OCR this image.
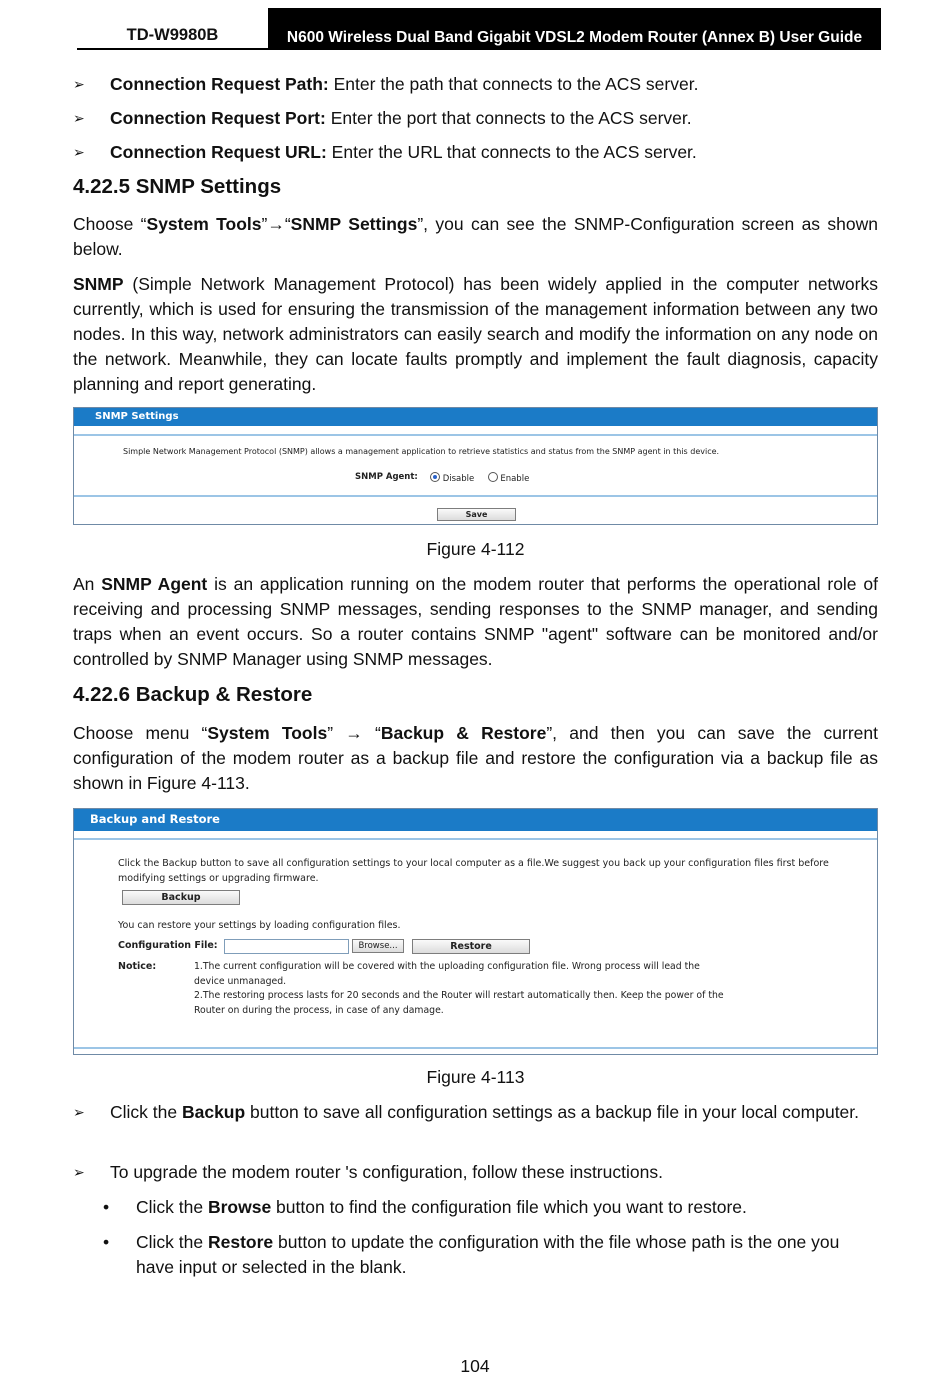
TD-W9980B	N600 Wireless Dual Band Gigabit VDSL2 Modem Router (Annex B) User Guide
➢ Connection Request Path: Enter the path that connects to the ACS server.
➢ Connection Request Port: Enter the port that connects to the ACS server.
➢ Connection Request URL: Enter the URL that connects to the ACS server.
4.22.5 SNMP Settings

Choose “System Tools”→“SNMP Settings”, you can see the SNMP-Configuration screen as shown below.

SNMP (Simple Network Management Protocol) has been widely applied in the computer networks currently, which is used for ensuring the transmission of the management information between any two nodes. In this way, network administrators can easily search and modify the information on any node on the network. Meanwhile, they can locate faults promptly and implement the fault diagnosis, capacity planning and report generating.

SNMP Settings
Simple Network Management Protocol (SNMP) allows a management application to retrieve statistics and status from the SNMP agent in this device.
SNMP Agent:	Disable	Enable
Save
Figure 4-112

An SNMP Agent is an application running on the modem router that performs the operational role of receiving and processing SNMP messages, sending responses to the SNMP manager, and sending traps when an event occurs. So a router contains SNMP "agent" software can be monitored and/or controlled by SNMP Manager using SNMP messages.

4.22.6 Backup & Restore

Choose menu “System Tools” → “Backup & Restore”, and then you can save the current configuration of the modem router as a backup file and restore the configuration via a backup file as shown in Figure 4-113.

Backup and Restore
Click the Backup button to save all configuration settings to your local computer as a file.We suggest you back up your configuration files first before modifying settings or upgrading firmware.
Backup
You can restore your settings by loading configuration files.
Configuration File:	Browse...	Restore
Notice:	1.The current configuration will be covered with the uploading configuration file. Wrong process will lead the device unmanaged.
2.The restoring process lasts for 20 seconds and the Router will restart automatically then. Keep the power of the Router on during the process, in case of any damage.
Figure 4-113
➢ Click the Backup button to save all configuration settings as a backup file in your local computer.
➢ To upgrade the modem router 's configuration, follow these instructions.
• Click the Browse button to find the configuration file which you want to restore.
• Click the Restore button to update the configuration with the file whose path is the one you have input or selected in the blank.
104
